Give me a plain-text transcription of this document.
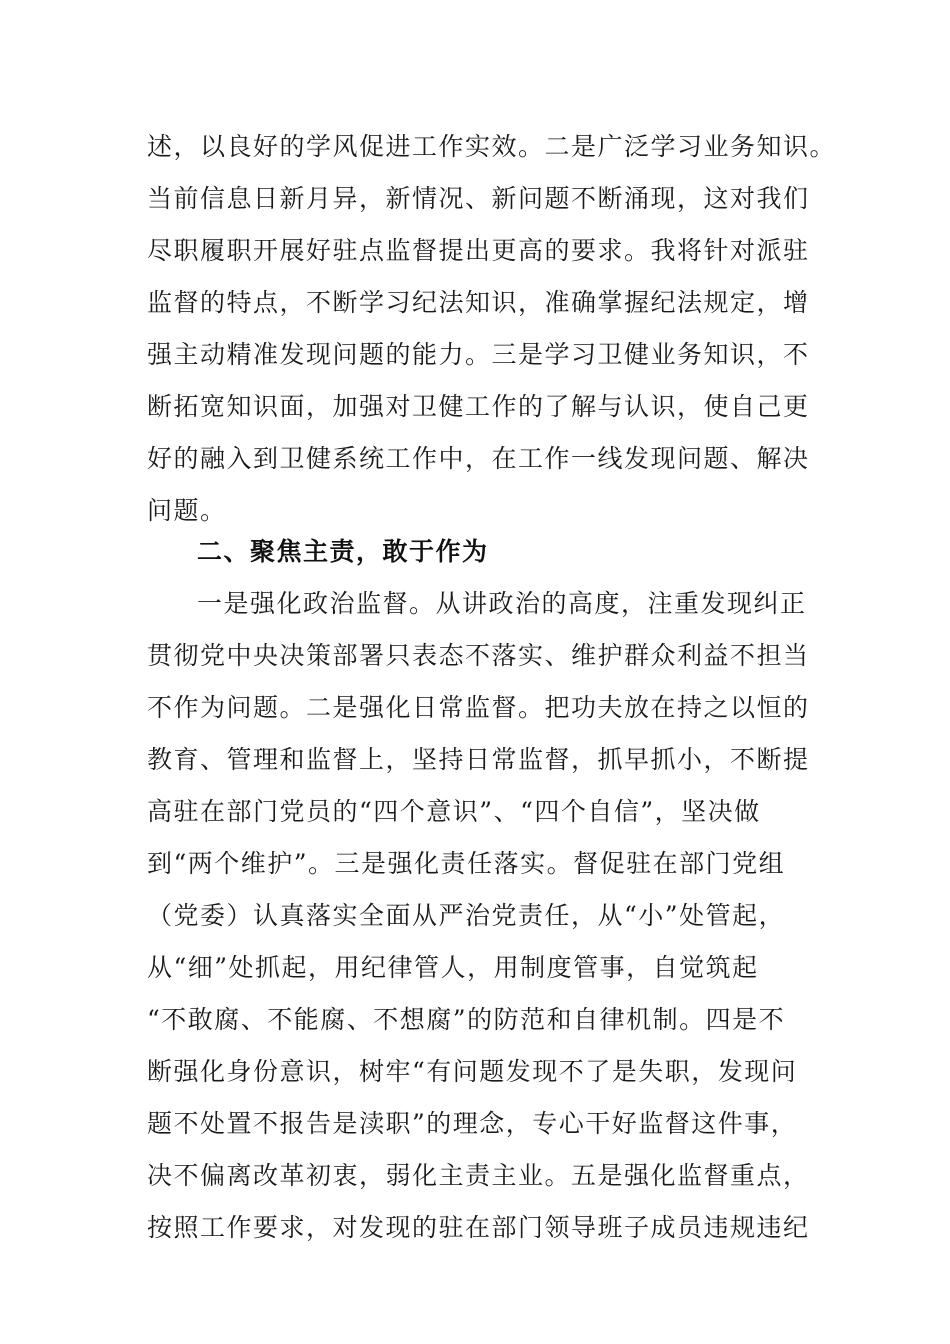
述，以良好的学风促进工作实效。二是广泛学习业务知识。
当前信息日新月异，新情况、新问题不断涌现，这对我们
尽职履职开展好驻点监督提出更高的要求。我将针对派驻
监督的特点，不断学习纪法知识，准确掌握纪法规定，增
强主动精准发现问题的能力。三是学习卫健业务知识，不
断拓宽知识面，加强对卫健工作的了解与认识，使自己更
好的融入到卫健系统工作中，在工作一线发现问题、解决
问题。
二、聚焦主责，敢于作为
一是强化政治监督。从讲政治的高度，注重发现纠正
贯彻党中央决策部署只表态不落实、维护群众利益不担当
不作为问题。二是强化日常监督。把功夫放在持之以恒的
教育、管理和监督上，坚持日常监督，抓早抓小，不断提
高驻在部门党员的“四个意识”、“四个自信”，坚决做
到“两个维护”。三是强化责任落实。督促驻在部门党组
（党委）认真落实全面从严治党责任，从“小”处管起，
从“细”处抓起，用纪律管人，用制度管事，自觉筑起
“不敢腐、不能腐、不想腐”的防范和自律机制。四是不
断强化身份意识，树牢“有问题发现不了是失职，发现问
题不处置不报告是渎职”的理念，专心干好监督这件事，
决不偏离改革初衷，弱化主责主业。五是强化监督重点，
按照工作要求，对发现的驻在部门领导班子成员违规违纪
